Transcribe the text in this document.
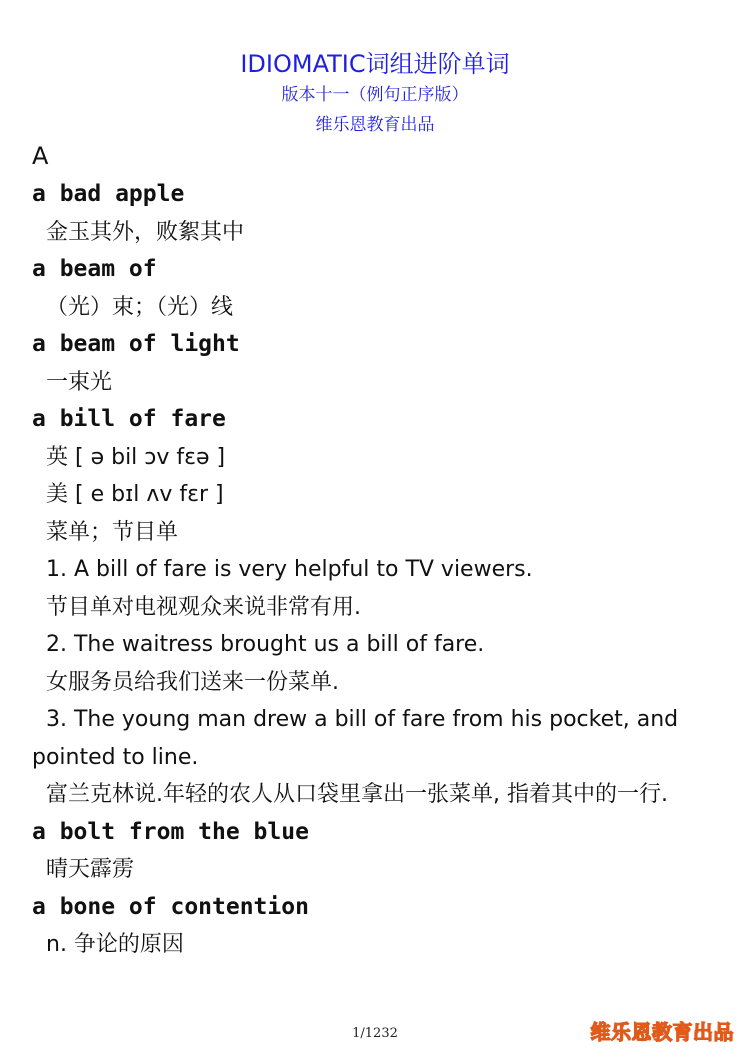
IDIOMATIC词组进阶单词
版本十一（例句正序版）
维乐恩教育出品
A
a bad apple
金玉其外，败絮其中
a beam of
（光）束；（光）线
a beam of light
一束光
a bill of fare
英 [ ə bil ɔv fɛə ]
美 [ e bɪl ʌv fɛr ]
菜单；节目单
1. A bill of fare is very helpful to TV viewers.
节目单对电视观众来说非常有用.
2. The waitress brought us a bill of fare.
女服务员给我们送来一份菜单.
3. The young man drew a bill of fare from his pocket, and pointed to line.
富兰克林说.年轻的农人从口袋里拿出一张菜单, 指着其中的一行.
a bolt from the blue
晴天霹雳
a bone of contention
n. 争论的原因
1/1232	维乐恩教育出品
